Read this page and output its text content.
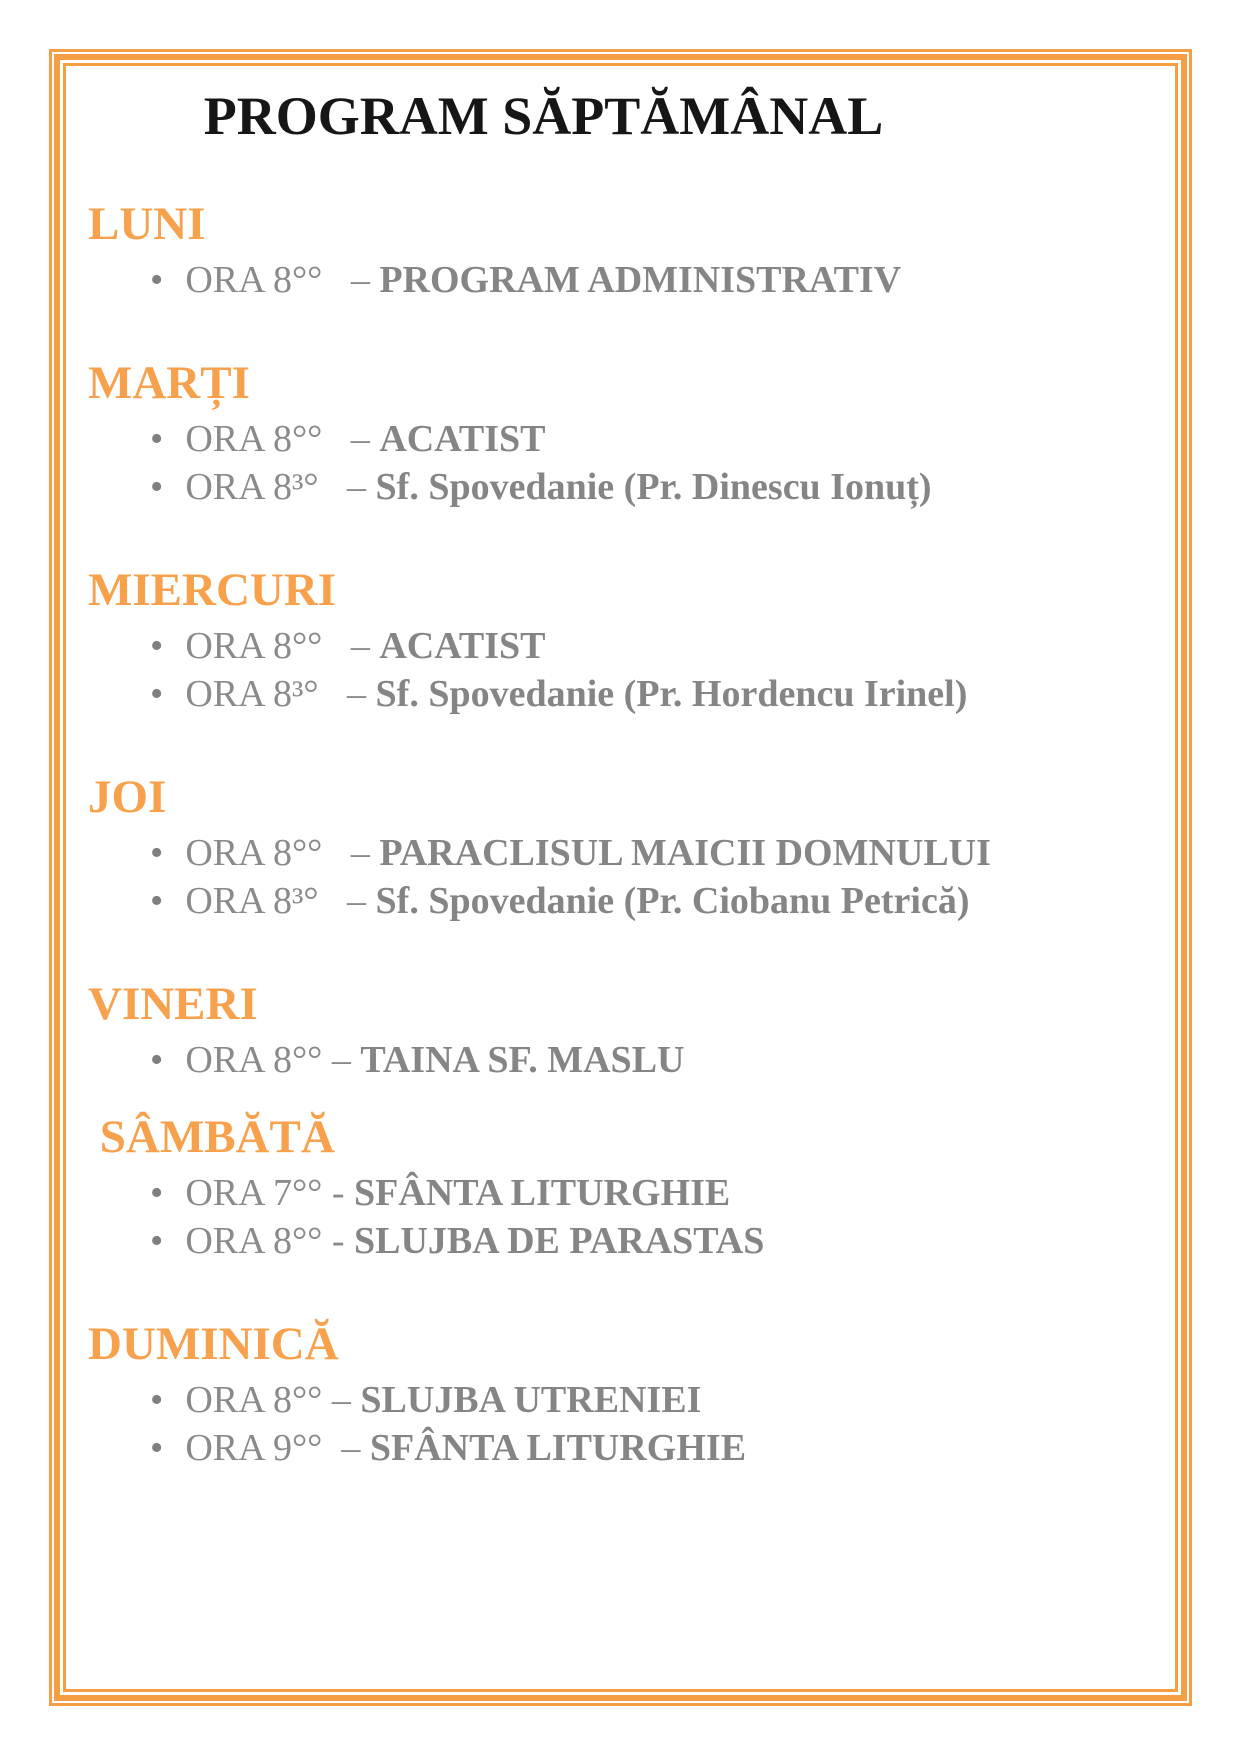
PROGRAM SĂPTĂMÂNAL
LUNI
• ORA 8°°   – PROGRAM ADMINISTRATIV
MARȚI
• ORA 8°°   – ACATIST
• ORA 8³°   – Sf. Spovedanie (Pr. Dinescu Ionuț)
MIERCURI
• ORA 8°°   – ACATIST
• ORA 8³°   – Sf. Spovedanie (Pr. Hordencu Irinel)
JOI
• ORA 8°°   – PARACLISUL MAICII DOMNULUI
• ORA 8³°   – Sf. Spovedanie (Pr. Ciobanu Petrică)
VINERI
• ORA 8°° – TAINA SF. MASLU
SÂMBĂTĂ
• ORA 7°° - SFÂNTA LITURGHIE
• ORA 8°° - SLUJBA DE PARASTAS
DUMINICĂ
• ORA 8°° – SLUJBA UTRENIEI
• ORA 9°°  – SFÂNTA LITURGHIE
